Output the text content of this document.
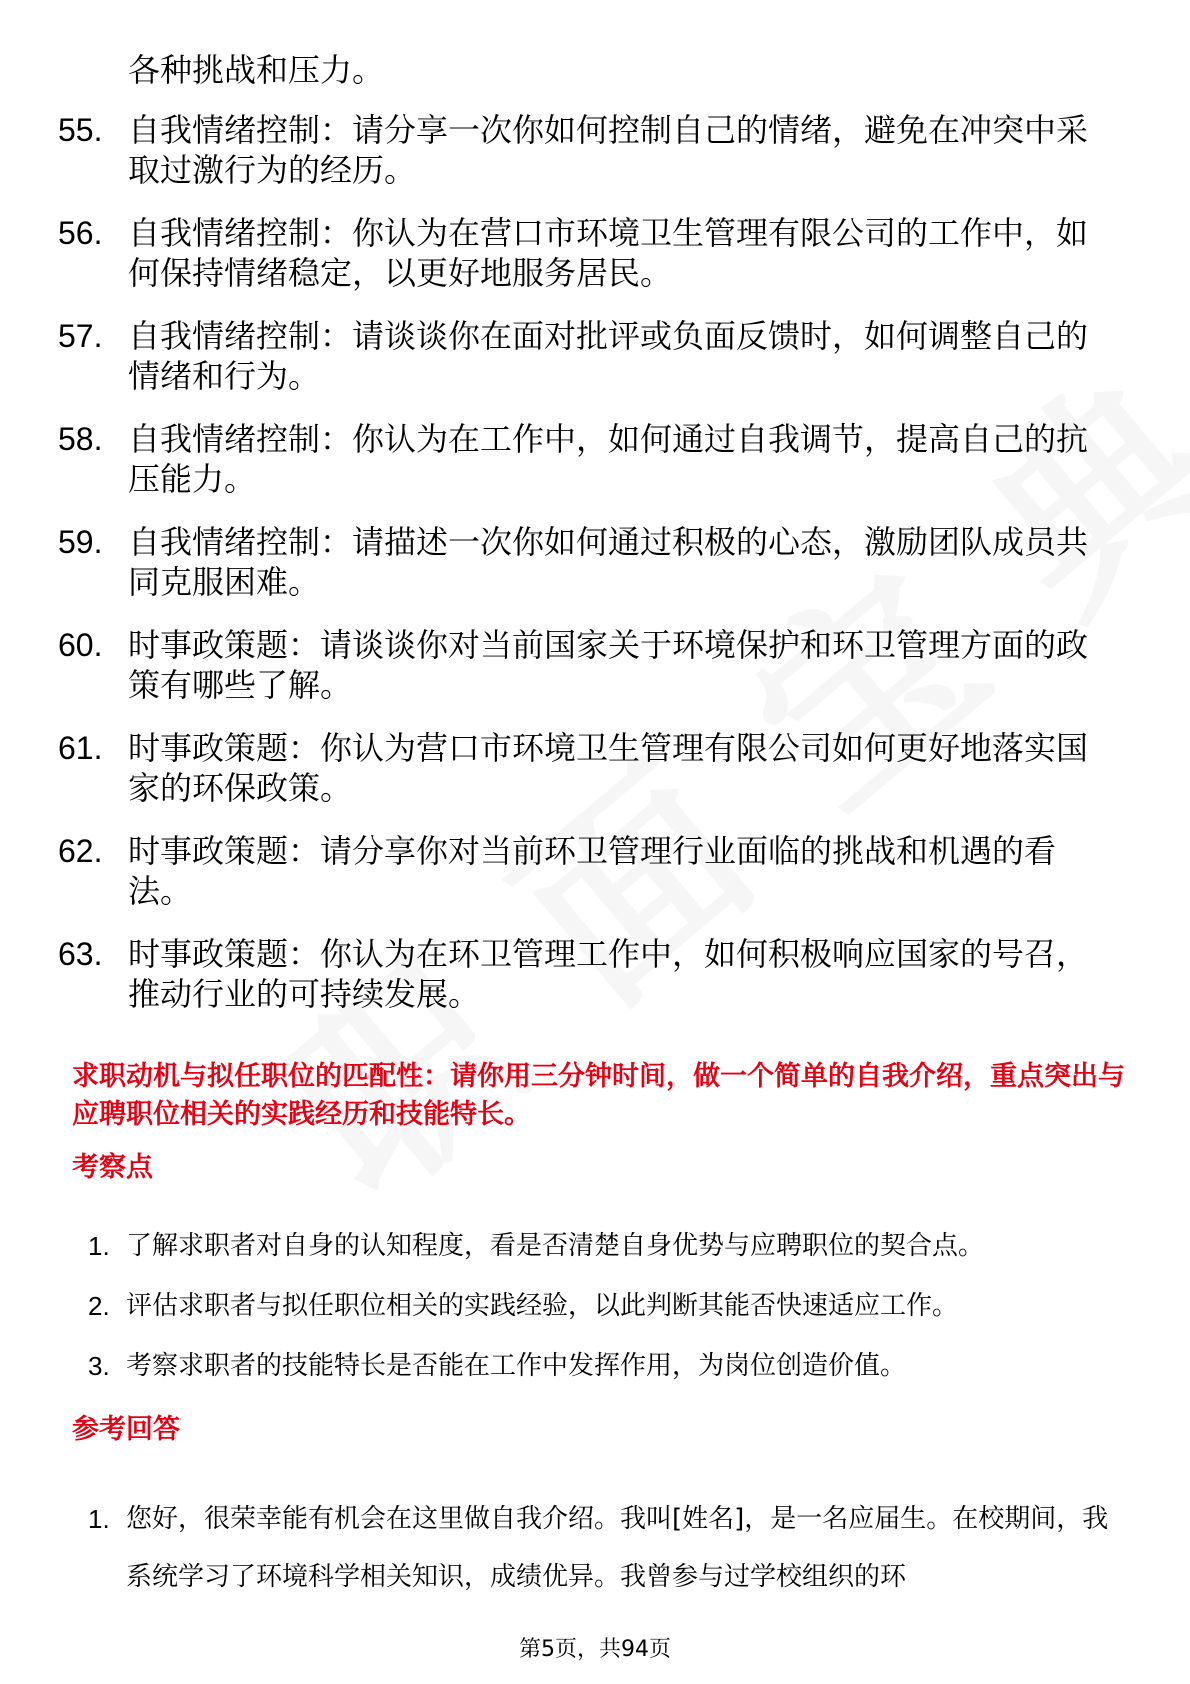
各种挑战和压力。
55. 自我情绪控制：请分享一次你如何控制自己的情绪，避免在冲突中采取过激行为的经历。
56. 自我情绪控制：你认为在营口市环境卫生管理有限公司的工作中，如何保持情绪稳定，以更好地服务居民。
57. 自我情绪控制：请谈谈你在面对批评或负面反馈时，如何调整自己的情绪和行为。
58. 自我情绪控制：你认为在工作中，如何通过自我调节，提高自己的抗压能力。
59. 自我情绪控制：请描述一次你如何通过积极的心态，激励团队成员共同克服困难。
60. 时事政策题：请谈谈你对当前国家关于环境保护和环卫管理方面的政策有哪些了解。
61. 时事政策题：你认为营口市环境卫生管理有限公司如何更好地落实国家的环保政策。
62. 时事政策题：请分享你对当前环卫管理行业面临的挑战和机遇的看法。
63. 时事政策题：你认为在环卫管理工作中，如何积极响应国家的号召，推动行业的可持续发展。
求职动机与拟任职位的匹配性：请你用三分钟时间，做一个简单的自我介绍，重点突出与应聘职位相关的实践经历和技能特长。
考察点
1. 了解求职者对自身的认知程度，看是否清楚自身优势与应聘职位的契合点。
2. 评估求职者与拟任职位相关的实践经验，以此判断其能否快速适应工作。
3. 考察求职者的技能特长是否能在工作中发挥作用，为岗位创造价值。
参考回答
1. 您好，很荣幸能有机会在这里做自我介绍。我叫[姓名]，是一名应届生。在校期间，我系统学习了环境科学相关知识，成绩优异。我曾参与过学校组织的环
第5页，共94页
